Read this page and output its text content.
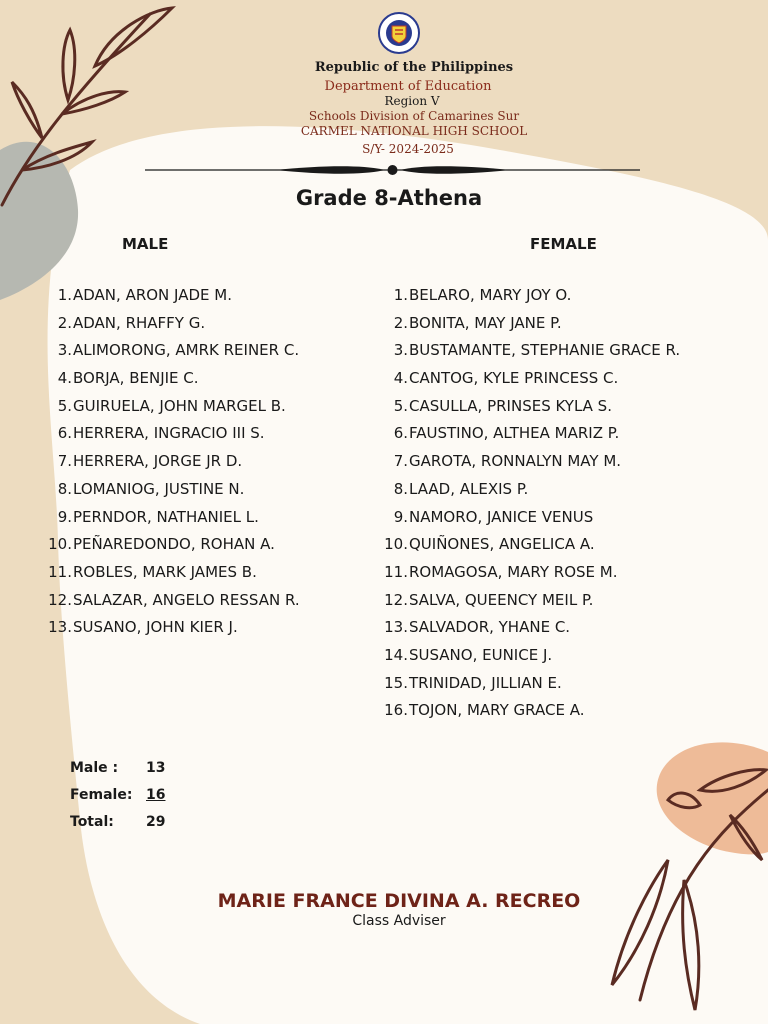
Republic of the Philippines
Department of Education
Region V
Schools Division of Camarines Sur
CARMEL NATIONAL HIGH SCHOOL
S/Y- 2024-2025
Grade 8-Athena
MALE	FEMALE
1. ADAN, ARON JADE M.
2. ADAN, RHAFFY G.
3. ALIMORONG, AMRK REINER C.
4. BORJA, BENJIE C.
5. GUIRUELA, JOHN MARGEL B.
6. HERRERA, INGRACIO III S.
7. HERRERA, JORGE JR D.
8. LOMANIOG, JUSTINE N.
9. PERNDOR, NATHANIEL L.
10. PEÑAREDONDO, ROHAN A.
11. ROBLES, MARK JAMES B.
12. SALAZAR, ANGELO RESSAN R.
13. SUSANO, JOHN KIER J.
1. BELARO, MARY JOY O.
2. BONITA, MAY JANE P.
3. BUSTAMANTE, STEPHANIE GRACE R.
4. CANTOG, KYLE PRINCESS C.
5. CASULLA, PRINSES KYLA S.
6. FAUSTINO, ALTHEA MARIZ P.
7. GAROTA, RONNALYN MAY M.
8. LAAD, ALEXIS P.
9. NAMORO, JANICE VENUS
10. QUIÑONES, ANGELICA A.
11. ROMAGOSA, MARY ROSE M.
12. SALVA, QUEENCY MEIL P.
13. SALVADOR, YHANE C.
14. SUSANO, EUNICE J.
15. TRINIDAD, JILLIAN E.
16. TOJON, MARY GRACE A.
Male :	13
Female: 16
Total:	29
MARIE FRANCE DIVINA A. RECREO
Class Adviser
